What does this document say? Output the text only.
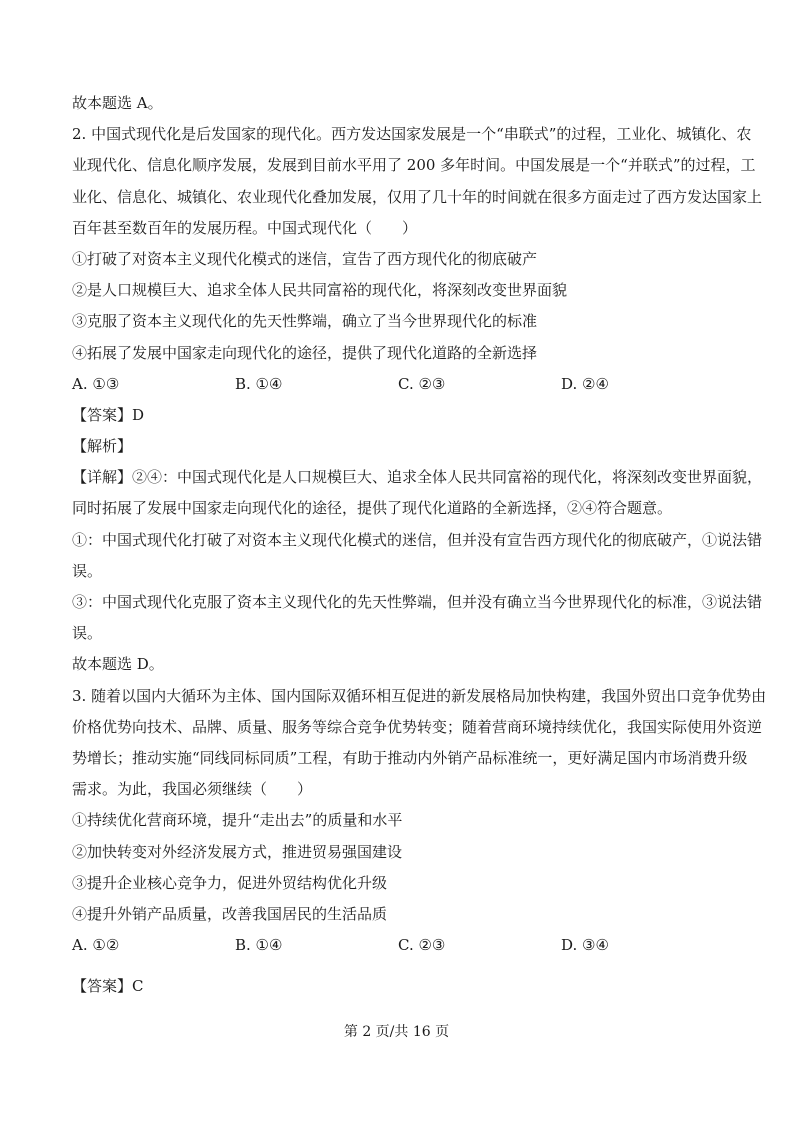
故本题选 A。
2. 中国式现代化是后发国家的现代化。西方发达国家发展是一个“串联式”的过程，工业化、城镇化、农
业现代化、信息化顺序发展，发展到目前水平用了 200 多年时间。中国发展是一个“并联式”的过程，工
业化、信息化、城镇化、农业现代化叠加发展，仅用了几十年的时间就在很多方面走过了西方发达国家上
百年甚至数百年的发展历程。中国式现代化（　　）
①打破了对资本主义现代化模式的迷信，宣告了西方现代化的彻底破产
②是人口规模巨大、追求全体人民共同富裕的现代化，将深刻改变世界面貌
③克服了资本主义现代化的先天性弊端，确立了当今世界现代化的标准
④拓展了发展中国家走向现代化的途径，提供了现代化道路的全新选择
A. ①③	B. ①④	C. ②③	D. ②④
【答案】D
【解析】
【详解】②④：中国式现代化是人口规模巨大、追求全体人民共同富裕的现代化，将深刻改变世界面貌，
同时拓展了发展中国家走向现代化的途径，提供了现代化道路的全新选择，②④符合题意。
①：中国式现代化打破了对资本主义现代化模式的迷信，但并没有宣告西方现代化的彻底破产，①说法错
误。
③：中国式现代化克服了资本主义现代化的先天性弊端，但并没有确立当今世界现代化的标准，③说法错
误。
故本题选 D。
3. 随着以国内大循环为主体、国内国际双循环相互促进的新发展格局加快构建，我国外贸出口竞争优势由
价格优势向技术、品牌、质量、服务等综合竞争优势转变；随着营商环境持续优化，我国实际使用外资逆
势增长；推动实施“同线同标同质”工程，有助于推动内外销产品标准统一，更好满足国内市场消费升级
需求。为此，我国必须继续（　　）
①持续优化营商环境，提升“走出去”的质量和水平
②加快转变对外经济发展方式，推进贸易强国建设
③提升企业核心竞争力，促进外贸结构优化升级
④提升外销产品质量，改善我国居民的生活品质
A. ①②	B. ①④	C. ②③	D. ③④
【答案】C
第 2 页/共 16 页
